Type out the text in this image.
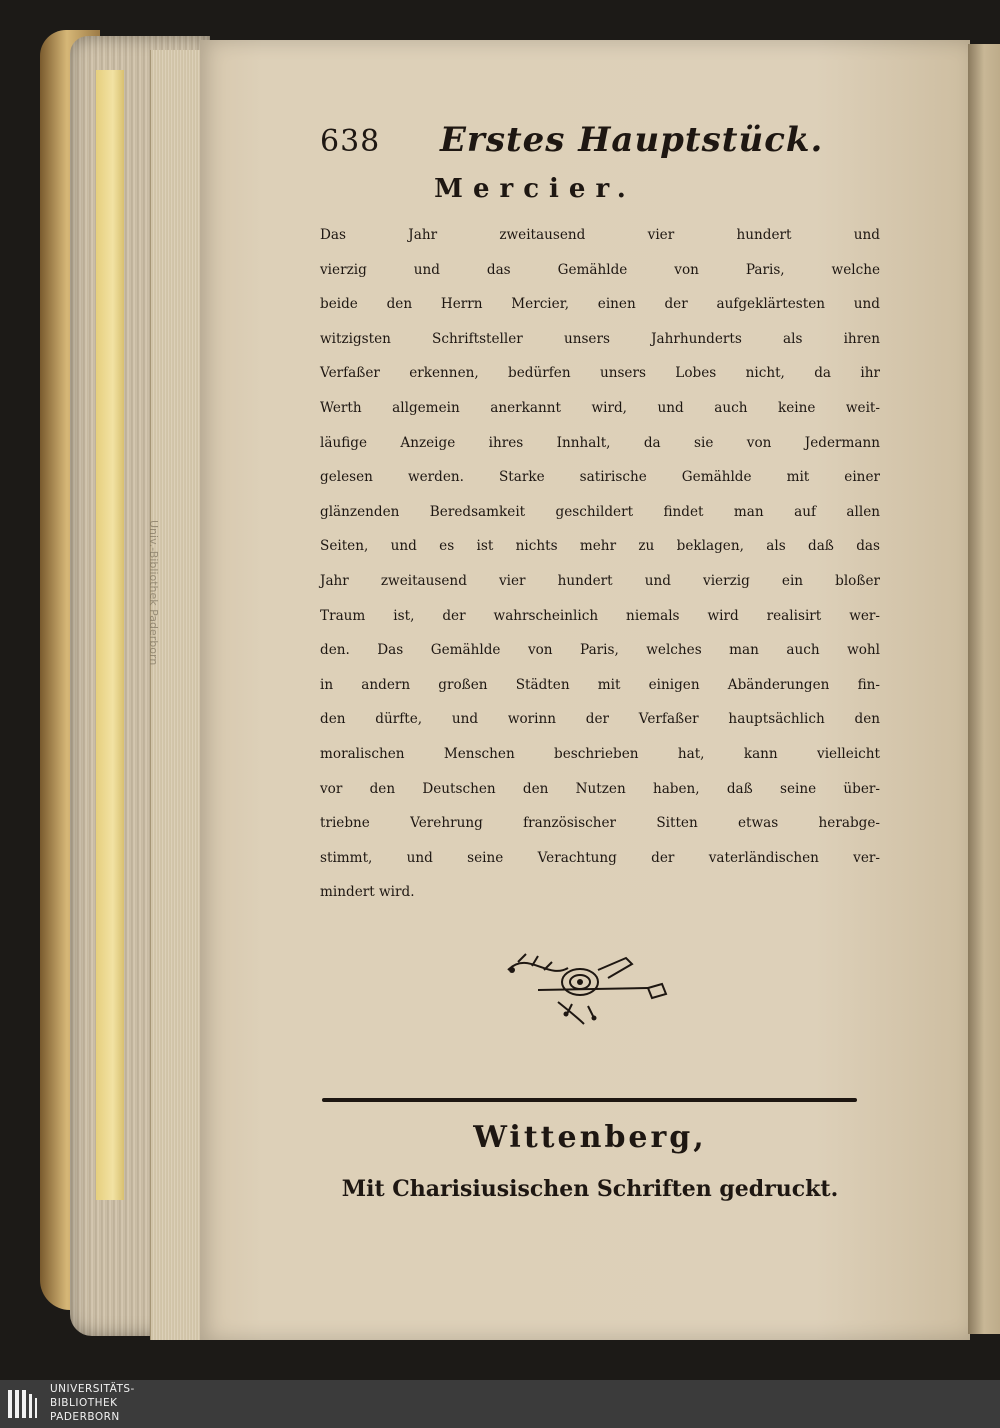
Univ.-Bibliothek Paderborn
638	Erstes Hauptstück.
Mercier.
Das Jahr zweitausend vier hundert und
vierzig und das Gemählde von Paris, welche
beide den Herrn Mercier, einen der aufgeklärtesten und
witzigsten Schriftsteller unsers Jahrhunderts als ihren
Verfaßer erkennen, bedürfen unsers Lobes nicht, da ihr
Werth allgemein anerkannt wird, und auch keine weit-
läufige Anzeige ihres Innhalt, da sie von Jedermann
gelesen werden. Starke satirische Gemählde mit einer
glänzenden Beredsamkeit geschildert findet man auf allen
Seiten, und es ist nichts mehr zu beklagen, als daß das
Jahr zweitausend vier hundert und vierzig ein bloßer
Traum ist, der wahrscheinlich niemals wird realisirt wer-
den. Das Gemählde von Paris, welches man auch wohl
in andern großen Städten mit einigen Abänderungen fin-
den dürfte, und worinn der Verfaßer hauptsächlich den
moralischen Menschen beschrieben hat, kann vielleicht
vor den Deutschen den Nutzen haben, daß seine über-
triebne Verehrung französischer Sitten etwas herabge-
stimmt, und seine Verachtung der vaterländischen ver-
mindert wird.
Wittenberg,
Mit Charisiusischen Schriften gedruckt.
UNIVERSITÄTS-
BIBLIOTHEK
PADERBORN
